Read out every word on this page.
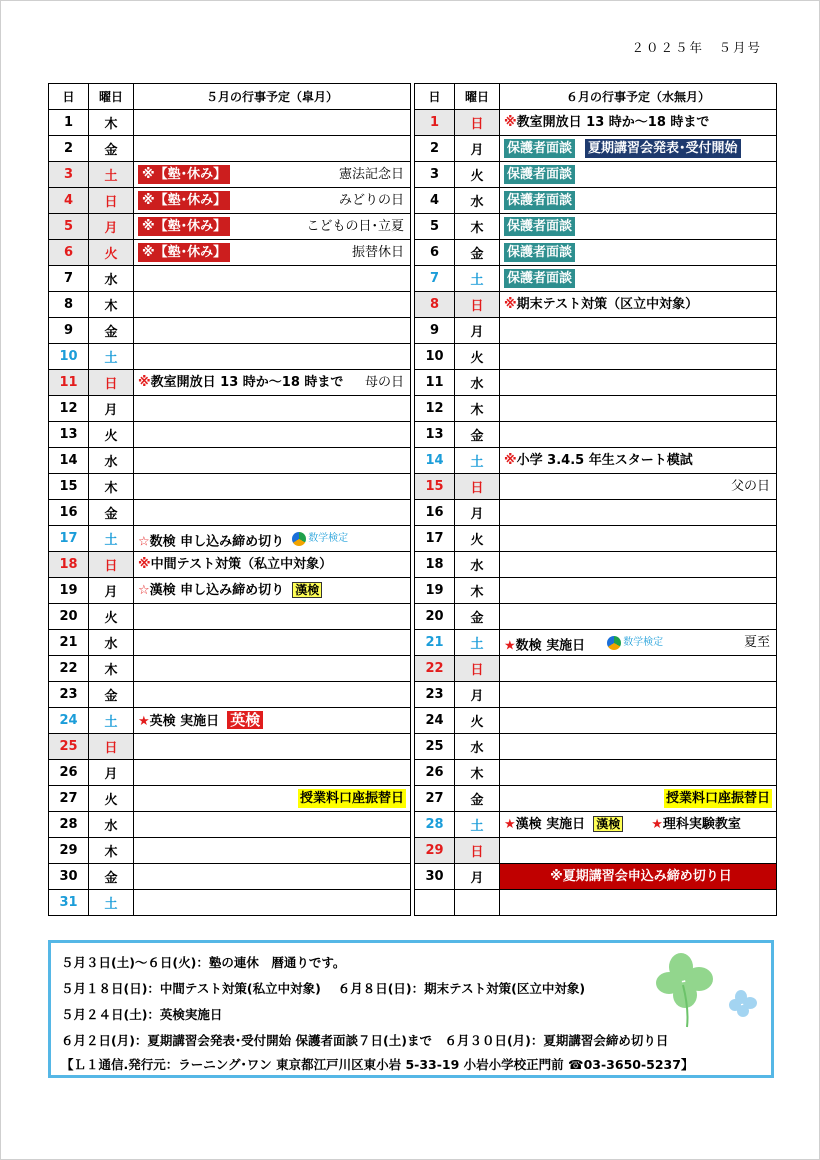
２０２５年　５月号
日	曜日	５月の行事予定（皐月）		日	曜日	６月の行事予定（水無月）
1	木			1	日	※教室開放日 13 時か～18 時まで

2	金			2	月	保護者面談 夏期講習会発表･受付開始

3	土	※【塾･休み】 憲法記念日		3	火	保護者面談

4	日	※【塾･休み】 みどりの日		4	水	保護者面談

5	月	※【塾･休み】 こどもの日･立夏		5	木	保護者面談

6	火	※【塾･休み】 振替休日		6	金	保護者面談

7	水			7	土	保護者面談

8	木			8	日	※期末テスト対策（区立中対象）

9	金			9	月	
10	土			10	火	
11	日	※教室開放日 13 時か～18 時まで 母の日		11	水	
12	月			12	木	
13	火			13	金	
14	水			14	土	※小学 3.4.5 年生スタート模試

15	木			15	日	父の日

16	金			16	月	
17	土	☆数検 申し込み締め切り 数学検定		17	火	
18	日	※中間テスト対策（私立中対象）		18	水	
19	月	☆漢検 申し込み締め切り 漢検		19	木	
20	火			20	金	
21	水			21	土	★数検 実施日 数学検定 夏至

22	木			22	日	
23	金			23	月	
24	土	★英検 実施日 英検		24	火	
25	日			25	水	
26	月			26	木	
27	火	授業料口座振替日		27	金	授業料口座振替日

28	水			28	土	★漢検 実施日 漢検 ★理科実験教室

29	木			29	日	
30	金			30	月	※夏期講習会申込み締め切り日

31	土					
５月３日(土)～６日(火)：塾の連休　暦通りです。
５月１８日(日)：中間テスト対策(私立中対象)　 ６月８日(日)：期末テスト対策(区立中対象)
５月２４日(土)：英検実施日
６月２日(月)：夏期講習会発表･受付開始 保護者面談７日(土)まで　６月３０日(月)：夏期講習会締め切り日
【Ｌ１通信.発行元：ラーニング･ワン 東京都江戸川区東小岩 5-33-19 小岩小学校正門前 ☎03-3650-5237】
